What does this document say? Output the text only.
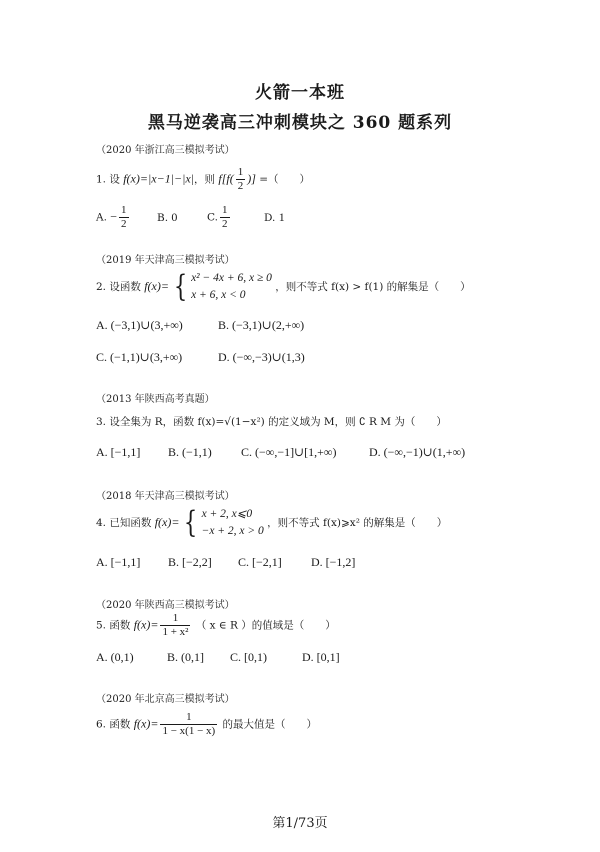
火箭一本班
黑马逆袭高三冲刺模块之 360 题系列
（2020 年浙江高三模拟考试）
1. 设 f(x)=|x−1|−|x|，则 $f[f( \frac{1}{2}$ )] =（　　）
A. − $\frac{1}{2}$	B. 0	C. $\frac{1}{2}$	D. 1
（2019 年天津高三模拟考试）
2. 设函数 f(x)= { x² − 4x + 6, x ≥ 0
x + 6, x < 0
，则不等式 f(x) > f(1) 的解集是（　　）
A. (−3,1)∪(3,+∞)	B. (−3,1)∪(2,+∞)
C. (−1,1)∪(3,+∞)	D. (−∞,−3)∪(1,3)
（2013 年陕西高考真题）
3. 设全集为 R，函数 f(x)=√(1−x²) 的定义域为 M，则 ∁ R M 为（　　）
A. [−1,1] B. (−1,1) C. (−∞,−1]∪[1,+∞)	D. (−∞,−1)∪(1,+∞)
（2018 年天津高三模拟考试）
4. 已知函数 f(x)= { x + 2, x⩽0
−x + 2, x > 0
，则不等式 f(x)⩾x² 的解集是（　　）
A. [−1,1] B. [−2,2] C. [−2,1] D. [−1,2]
（2020 年陕西高三模拟考试）
5. 函数 $f(x)= \frac{1}{\text{1 + x²}}$ （ x ∈ R ）的值域是（　　）
A. (0,1)	B. (0,1] C. [0,1)	D. [0,1]
（2020 年北京高三模拟考试）
6. 函数 $f(x)= \frac{1}{1 - x(1 - x)}$ 的最大值是（　　）
第1/73页
